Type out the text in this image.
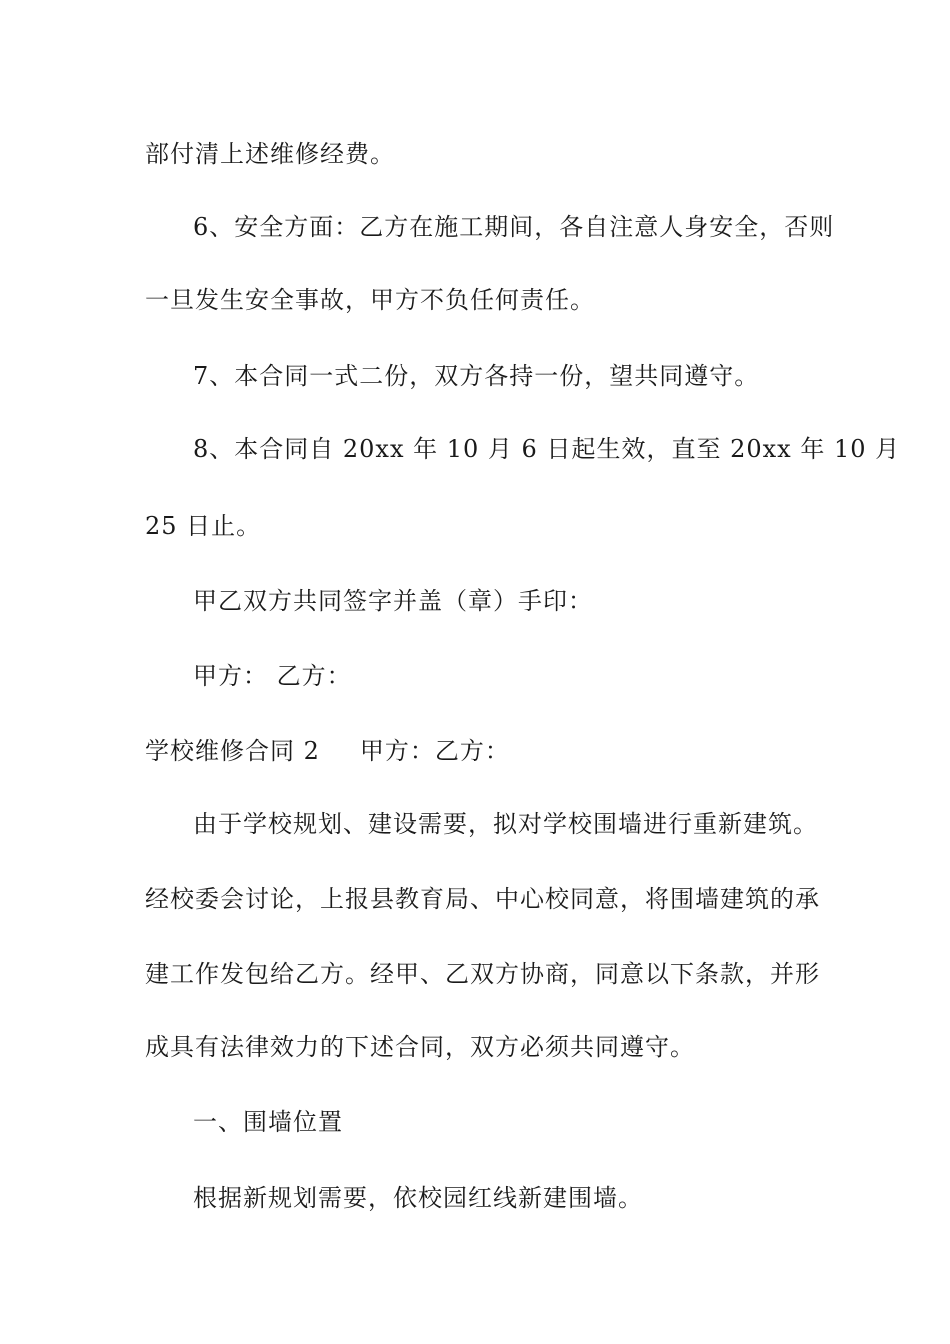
部付清上述维修经费。
6、安全方面：乙方在施工期间，各自注意人身安全，否则
一旦发生安全事故，甲方不负任何责任。
7、本合同一式二份，双方各持一份，望共同遵守。
8、本合同自 20xx 年 10 月 6 日起生效，直至 20xx 年 10 月
25 日止。
甲乙双方共同签字并盖（章）手印：
甲方： 乙方：
学校维修合同 2 甲方：乙方：
由于学校规划、建设需要，拟对学校围墙进行重新建筑。
经校委会讨论，上报县教育局、中心校同意，将围墙建筑的承
建工作发包给乙方。经甲、乙双方协商，同意以下条款，并形
成具有法律效力的下述合同，双方必须共同遵守。
一、围墙位置
根据新规划需要，依校园红线新建围墙。
